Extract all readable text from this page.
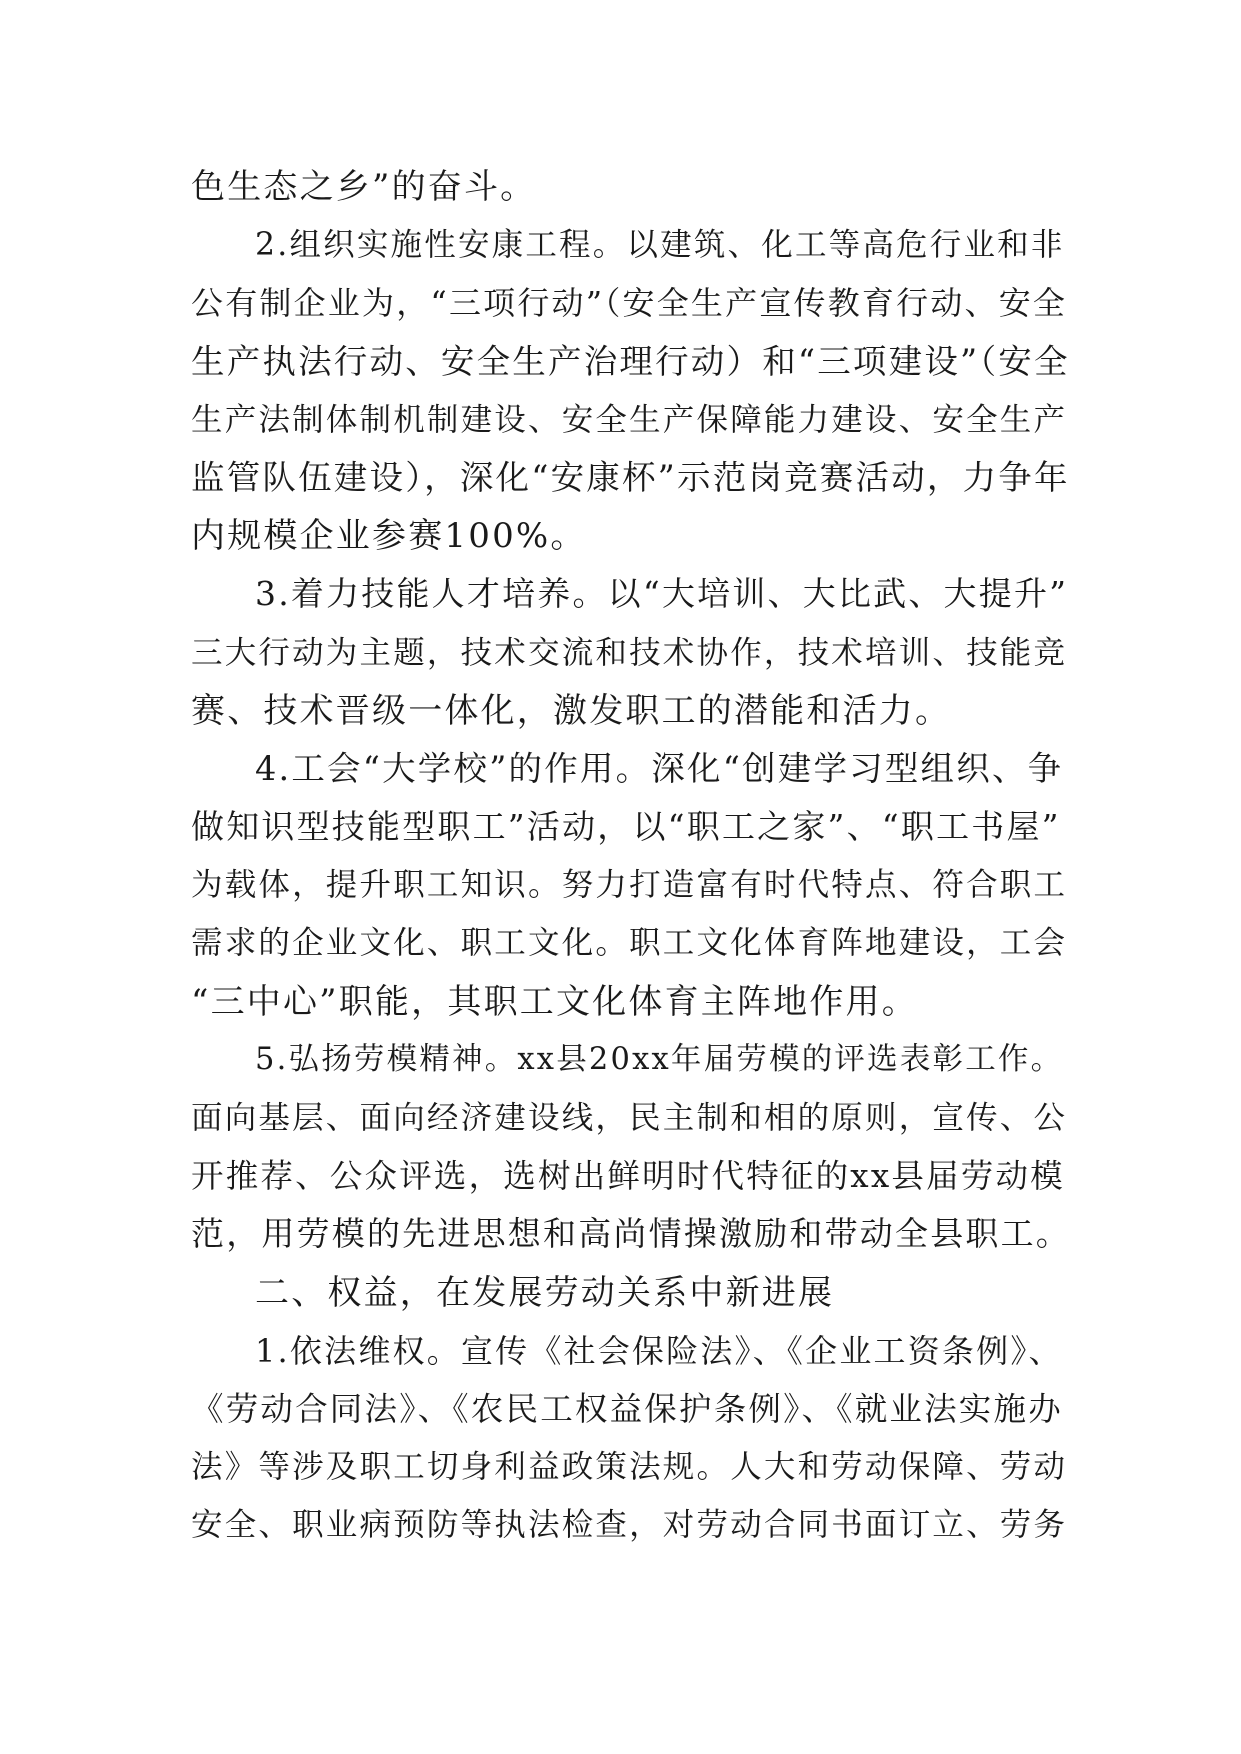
色生态之乡”的奋斗。
2.组织实施性安康工程。以建筑、化工等高危行业和非
公有制企业为，“三项行动”（安全生产宣传教育行动、安全
生产执法行动、安全生产治理行动）和“三项建设”（安全
生产法制体制机制建设、安全生产保障能力建设、安全生产
监管队伍建设），深化“安康杯”示范岗竞赛活动，力争年
内规模企业参赛100%。
3.着力技能人才培养。以“大培训、大比武、大提升”
三大行动为主题，技术交流和技术协作，技术培训、技能竞
赛、技术晋级一体化，激发职工的潜能和活力。
4.工会“大学校”的作用。深化“创建学习型组织、争
做知识型技能型职工”活动，以“职工之家”、“职工书屋”
为载体，提升职工知识。努力打造富有时代特点、符合职工
需求的企业文化、职工文化。职工文化体育阵地建设，工会
“三中心”职能，其职工文化体育主阵地作用。
5.弘扬劳模精神。xx县20xx年届劳模的评选表彰工作。
面向基层、面向经济建设线，民主制和相的原则，宣传、公
开推荐、公众评选，选树出鲜明时代特征的xx县届劳动模
范，用劳模的先进思想和高尚情操激励和带动全县职工。
二、权益，在发展劳动关系中新进展
1.依法维权。宣传《社会保险法》、《企业工资条例》、
《劳动合同法》、《农民工权益保护条例》、《就业法实施办
法》等涉及职工切身利益政策法规。人大和劳动保障、劳动
安全、职业病预防等执法检查，对劳动合同书面订立、劳务
